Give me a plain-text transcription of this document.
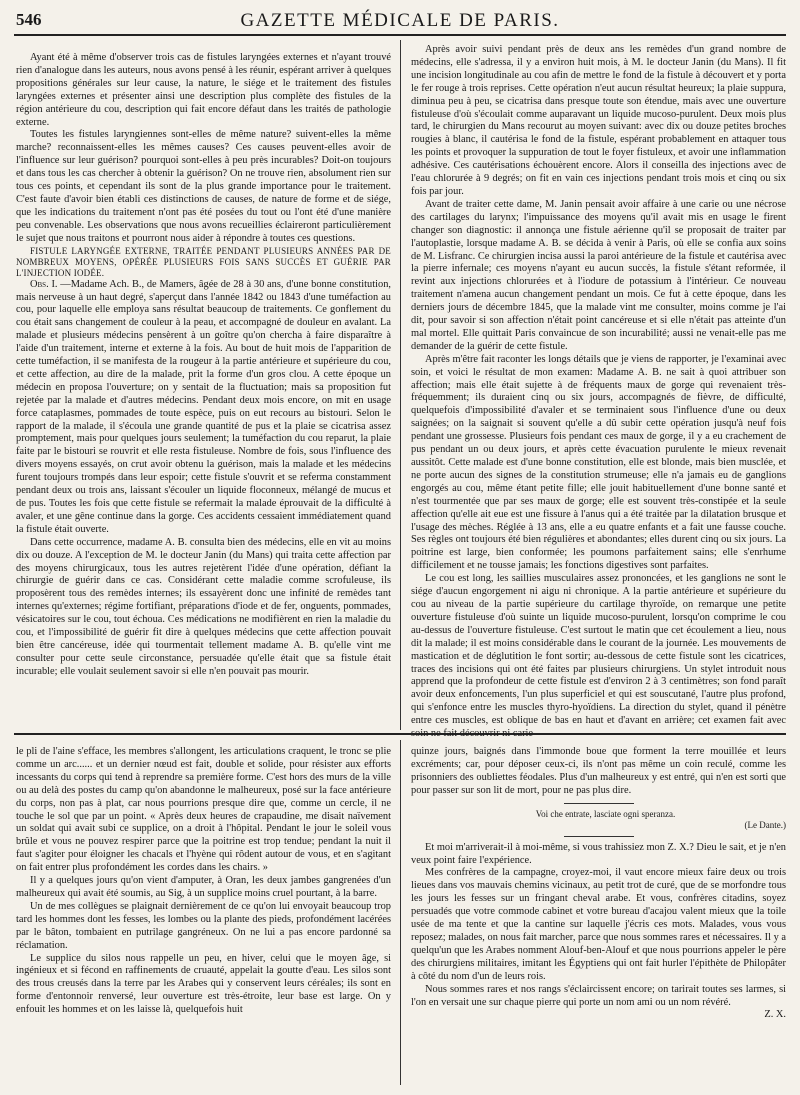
546	GAZETTE MÉDICALE DE PARIS.

Ayant été à même d'observer trois cas de fistules laryngées externes et n'ayant trouvé rien d'analogue dans les auteurs, nous avons pensé à les réunir, espérant arriver à quelques propositions générales sur leur cause, la nature, le siége et le traitement des fistules laryngées externes et présenter ainsi une description plus complète des fistules de la région antérieure du cou, description qui fait encore défaut dans les traités de pathologie externe.

Toutes les fistules laryngiennes sont-elles de même nature? suivent-elles la même marche? reconnaissent-elles les mêmes causes? Ces causes peuvent-elles avoir de l'influence sur leur guérison? pourquoi sont-elles à peu près incurables? Doit-on toujours et dans tous les cas chercher à obtenir la guérison? On ne trouve rien, absolument rien sur tous ces points, et cependant ils sont de la plus grande importance pour le traitement. C'est faute d'avoir bien établi ces distinctions de causes, de nature de forme et de siége, que les indications du traitement n'ont pas été posées du tout ou l'ont été d'une manière peu convenable. Les observations que nous avons recueillies éclaireront particulièrement le sujet que nous traitons et pourront nous aider à répondre à toutes ces questions.

FISTULE LARYNGÉE EXTERNE, TRAITÉE PENDANT PLUSIEURS ANNÉES PAR DE NOMBREUX MOYENS, OPÉRÉE PLUSIEURS FOIS SANS SUCCÈS ET GUÉRIE PAR L'INJECTION IODÉE.

Obs. I. —Madame Ach. B., de Mamers, âgée de 28 à 30 ans, d'une bonne constitution, mais nerveuse à un haut degré, s'aperçut dans l'année 1842 ou 1843 d'une tuméfaction au cou, pour laquelle elle employa sans résultat beaucoup de traitements. Ce gonflement du cou était sans changement de couleur à la peau, et accompagné de douleur en avalant. La malade et plusieurs médecins pensèrent à un goître qu'on chercha à faire disparaître à l'aide d'un traitement, interne et externe à la fois. Au bout de huit mois de l'apparition de cette tuméfaction, il se manifesta de la rougeur à la partie antérieure et supérieure du cou, et cette affection, au dire de la malade, prit la forme d'un gros clou. A cette époque un médecin en proposa l'ouverture; on y sentait de la fluctuation; mais sa proposition fut rejetée par la malade et d'autres médecins. Pendant deux mois encore, on mit en usage force cataplasmes, pommades de toute espèce, puis on eut recours au bistouri. Selon le rapport de la malade, il s'écoula une grande quantité de pus et la plaie se cicatrisa assez promptement, mais pour quelques jours seulement; la tuméfaction du cou reparut, la plaie faite par le bistouri se rouvrit et elle resta fistuleuse. Nombre de fois, sous l'influence des divers moyens essayés, on crut avoir obtenu la guérison, mais la malade et les médecins furent toujours trompés dans leur espoir; cette fistule s'ouvrit et se referma constamment pendant deux ou trois ans, laissant s'écouler un liquide floconneux, mélangé de mucus et de pus. Toutes les fois que cette fistule se refermait la malade éprouvait de la difficulté à avaler, et une gêne continue dans la gorge. Ces accidents cessaient immédiatement quand la fistule était ouverte.

Dans cette occurrence, madame A. B. consulta bien des médecins, elle en vit au moins dix ou douze. A l'exception de M. le docteur Janin (du Mans) qui traita cette affection par des moyens chirurgicaux, tous les autres rejetèrent l'idée d'une opération, défiant la chirurgie de guérir dans ce cas. Considérant cette maladie comme scrofuleuse, ils proposèrent tous des remèdes internes; ils essayèrent donc une infinité de remèdes tant internes qu'externes; régime fortifiant, préparations d'iode et de fer, onguents, pommades, vésicatoires sur le cou, tout échoua. Ces médications ne modifièrent en rien la maladie du cou, et l'impossibilité de guérir fit dire à quelques médecins que cette affection pouvait bien être cancéreuse, idée qui tourmentait tellement madame A. B. qu'elle vint me consulter pour cette seule circonstance, persuadée qu'elle était que sa fistule était incurable; elle voulait seulement savoir si elle n'en pouvait pas mourir.

Après avoir suivi pendant près de deux ans les remèdes d'un grand nombre de médecins, elle s'adressa, il y a environ huit mois, à M. le docteur Janin (du Mans). Il fit une incision longitudinale au cou afin de mettre le fond de la fistule à découvert et y porta le fer rouge à trois reprises. Cette opération n'eut aucun résultat heureux; la plaie suppura, diminua peu à peu, se cicatrisa dans presque toute son étendue, mais avec une ouverture fistuleuse d'où s'écoulait comme auparavant un liquide mucoso-purulent. Deux mois plus tard, le chirurgien du Mans recourut au moyen suivant: avec dix ou douze petites broches rougies à blanc, il cautérisa le fond de la fistule, espérant probablement en attaquer tous les points et provoquer la suppuration de tout le foyer fistuleux, et avoir une inflammation adhésive. Ces cautérisations échouèrent encore. Alors il conseilla des injections avec de l'eau chlorurée à 9 degrés; on fit en vain ces injections pendant trois mois et cinq ou six fois par jour.

Avant de traiter cette dame, M. Janin pensait avoir affaire à une carie ou une nécrose des cartilages du larynx; l'impuissance des moyens qu'il avait mis en usage le firent changer son diagnostic: il annonça une fistule aérienne qu'il se proposait de traiter par l'autoplastie, lorsque madame A. B. se décida à venir à Paris, où elle se confia aux soins de M. Lisfranc. Ce chirurgien incisa aussi la paroi antérieure de la fistule et cautérisa avec la pierre infernale; ces moyens n'ayant eu aucun succès, la fistule s'étant reformée, il revint aux injections chlorurées et à l'iodure de potassium à l'intérieur. Ce nouveau traitement n'amena aucun changement pendant un mois. Ce fut à cette époque, dans les derniers jours de décembre 1845, que la malade vint me consulter, moins comme je l'ai dit, pour savoir si son affection n'était point cancéreuse et si elle n'était pas atteinte d'un mal mortel. Elle quittait Paris convaincue de son incurabilité; aussi ne venait-elle pas me demander de la guérir de cette fistule.

Après m'être fait raconter les longs détails que je viens de rapporter, je l'examinai avec soin, et voici le résultat de mon examen: Madame A. B. ne sait à quoi attribuer son affection; mais elle était sujette à de fréquents maux de gorge qui revenaient très-fréquemment; ils duraient cinq ou six jours, accompagnés de fièvre, de difficulté, quelquefois d'impossibilité d'avaler et se terminaient sous l'influence d'une ou deux saignées; on la saignait si souvent qu'elle a dû subir cette opération jusqu'à neuf fois pendant une grossesse. Plusieurs fois pendant ces maux de gorge, il y a eu crachement de pus pendant un ou deux jours, et après cette évacuation purulente le mieux revenait aussitôt. Cette malade est d'une bonne constitution, elle est blonde, mais bien musclée, et ne porte aucun des signes de la constitution strumeuse; elle n'a jamais eu de ganglions engorgés au cou, même étant petite fille; elle jouit habituellement d'une bonne santé et n'est tourmentée que par ses maux de gorge; elle est souvent très-constipée et la seule affection qu'elle ait eue est une fissure à l'anus qui a été traitée par la dilatation brusque et l'usage des mèches. Réglée à 13 ans, elle a eu quatre enfants et a fait une fausse couche. Ses règles ont toujours été bien régulières et abondantes; elles durent cinq ou six jours. La poitrine est large, bien conformée; les poumons parfaitement sains; elle s'enrhume difficilement et ne tousse jamais; les fonctions digestives sont parfaites.

Le cou est long, les saillies musculaires assez prononcées, et les ganglions ne sont le siége d'aucun engorgement ni aigu ni chronique. A la partie antérieure et supérieure du cou au niveau de la partie supérieure du cartilage thyroïde, on remarque une petite ouverture fistuleuse d'où suinte un liquide mucoso-purulent, lorsqu'on comprime le cou au-dessus de l'ouverture fistuleuse. C'est surtout le matin que cet écoulement a lieu, nous dit la malade; il est moins considérable dans le courant de la journée. Les mouvements de mastication et de déglutition le font sortir; au-dessous de cette fistule sont les cicatrices, traces des incisions qui ont été faites par plusieurs chirurgiens. Un stylet introduit nous apprend que la profondeur de cette fistule est d'environ 2 à 3 centimètres; son fond paraît avoir deux enfoncements, l'un plus superficiel et qui est souscutané, l'autre plus profond, qui s'enfonce entre les muscles thyro-hyoïdiens. La direction du stylet, quand il pénètre entre ces muscles, est oblique de bas en haut et d'avant en arrière; cet examen fait avec soin ne fait découvrir ni carie

le pli de l'aine s'efface, les membres s'allongent, les articulations craquent, le tronc se plie comme un arc...... et un dernier nœud est fait, double et solide, pour résister aux efforts incessants du corps qui tend à reprendre sa première forme. C'est hors des murs de la ville ou au delà des postes du camp qu'on abandonne le malheureux, posé sur la face antérieure du corps, non pas à plat, car nous pourrions presque dire que, comme un cercle, il ne touche le sol que par un point. « Après deux heures de crapaudine, me disait naïvement un soldat qui avait subi ce supplice, on a droit à l'hôpital. Pendant le jour le soleil vous brûle et vous ne pouvez respirer parce que la poitrine est trop tendue; pendant la nuit il faut s'agiter pour éloigner les chacals et l'hyène qui rôdent autour de vous, et en s'agitant on fait entrer plus profondément les cordes dans les chairs. »

Il y a quelques jours qu'on vient d'amputer, à Oran, les deux jambes gangrenées d'un malheureux qui avait été soumis, au Sig, à un supplice moins cruel pourtant, à la barre.

Un de mes collègues se plaignait dernièrement de ce qu'on lui envoyait beaucoup trop tard les hommes dont les fesses, les lombes ou la plante des pieds, profondément lacérées par le bâton, tombaient en putrilage gangréneux. On ne lui a pas encore pardonné sa réclamation.

Le supplice du silos nous rappelle un peu, en hiver, celui que le moyen âge, si ingénieux et si fécond en raffinements de cruauté, appelait la goutte d'eau. Les silos sont des trous creusés dans la terre par les Arabes qui y conservent leurs céréales; ils sont en forme d'entonnoir renversé, leur ouverture est très-étroite, leur base est large. On y enfouit les hommes et on les laisse là, quelquefois huit

quinze jours, baignés dans l'immonde boue que forment la terre mouillée et leurs excréments; car, pour déposer ceux-ci, ils n'ont pas même un coin reculé, comme les prisonniers des oubliettes féodales. Plus d'un malheureux y est entré, qui n'en est sorti que pour passer sur son lit de mort, pour ne pas plus dire.

Voi che entrate, lasciate ogni speranza.

(Le Dante.)

Et moi m'arriverait-il à moi-même, si vous trahissiez mon Z. X.? Dieu le sait, et je n'en veux point faire l'expérience.

Mes confrères de la campagne, croyez-moi, il vaut encore mieux faire deux ou trois lieues dans vos mauvais chemins vicinaux, au petit trot de curé, que de se morfondre tous les jours les fesses sur un fringant cheval arabe. Et vous, confrères citadins, soyez persuadés que votre commode cabinet et votre bureau d'acajou valent mieux que la toile usée de ma tente et que la cantine sur laquelle j'écris ces mots. Malades, vous vous reposez; malades, on nous fait marcher, parce que nous sommes rares et nécessaires. Il y a quelqu'un que les Arabes nomment Alouf-ben-Alouf et que nous pourrions appeler le père des chirurgiens militaires, imitant les Égyptiens qui ont fait hurler l'épithète de Philopâter à côté du nom d'un de leurs rois.

Nous sommes rares et nos rangs s'éclaircissent encore; on tarirait toutes ses larmes, si l'on en versait une sur chaque pierre qui porte un nom ami ou un nom révéré.

Z. X.
